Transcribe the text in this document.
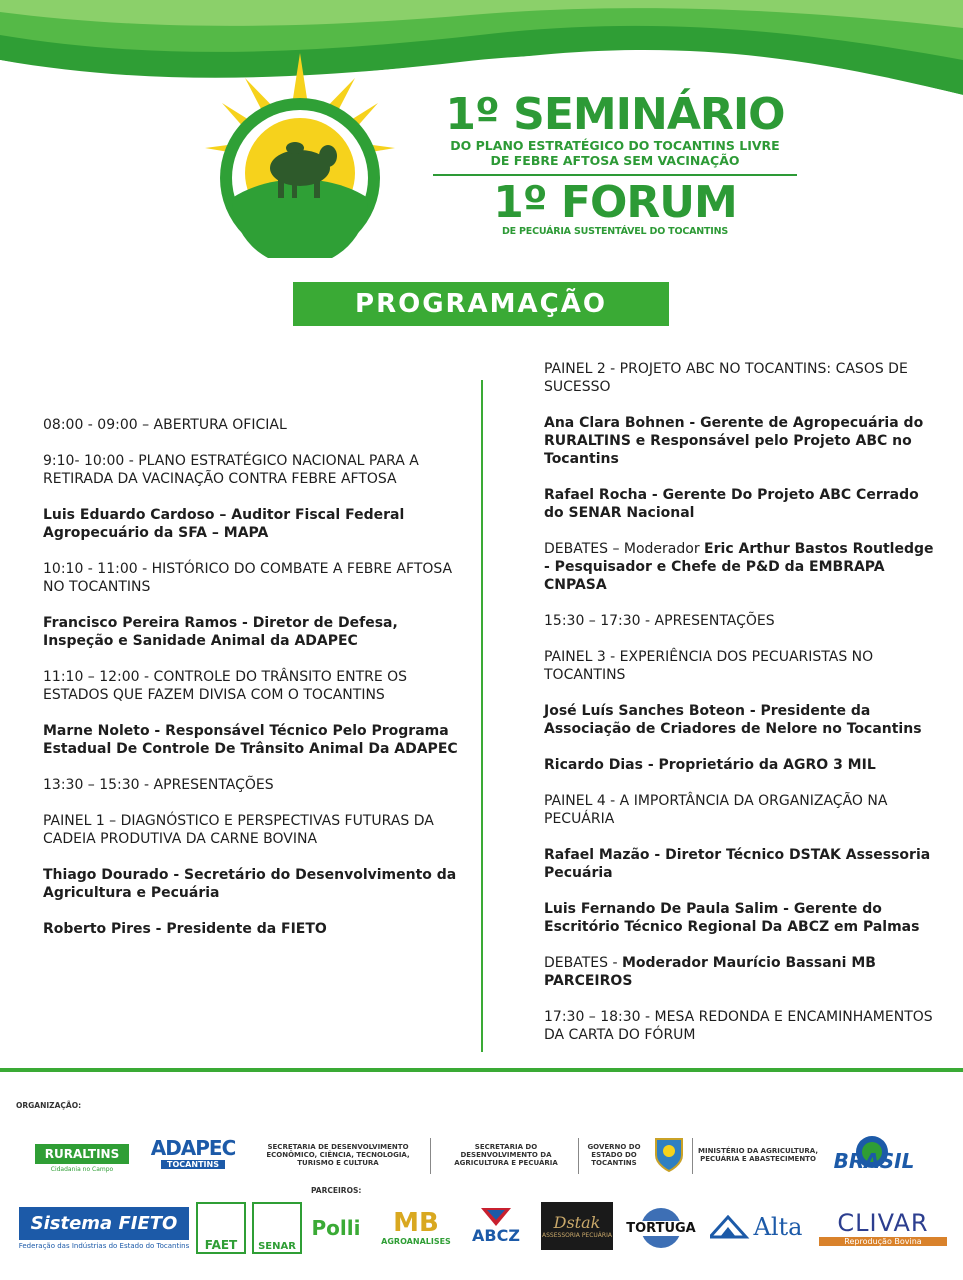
1º SEMINÁRIO
DO PLANO ESTRATÉGICO DO TOCANTINS LIVRE
DE FEBRE AFTOSA SEM VACINAÇÃO
1º FORUM
DE PECUÁRIA SUSTENTÁVEL DO TOCANTINS
PROGRAMAÇÃO
08:00 - 09:00 – ABERTURA OFICIAL
9:10- 10:00 - PLANO ESTRATÉGICO NACIONAL PARA A RETIRADA DA VACINAÇÃO CONTRA FEBRE AFTOSA
Luis Eduardo Cardoso – Auditor Fiscal Federal Agropecuário da SFA – MAPA
10:10 - 11:00 - HISTÓRICO DO COMBATE A FEBRE AFTOSA NO TOCANTINS
Francisco Pereira Ramos - Diretor de Defesa, Inspeção e Sanidade Animal da ADAPEC
11:10 – 12:00 - CONTROLE DO TRÂNSITO ENTRE OS ESTADOS QUE FAZEM DIVISA COM O TOCANTINS
Marne Noleto - Responsável Técnico Pelo Programa Estadual De Controle De Trânsito Animal Da ADAPEC
13:30 – 15:30 - APRESENTAÇÕES
PAINEL 1 – DIAGNÓSTICO E PERSPECTIVAS FUTURAS DA CADEIA PRODUTIVA DA CARNE BOVINA
Thiago Dourado - Secretário do Desenvolvimento da Agricultura e Pecuária
Roberto Pires - Presidente da FIETO
PAINEL 2 - PROJETO ABC NO TOCANTINS: CASOS DE SUCESSO
Ana Clara Bohnen - Gerente de Agropecuária do RURALTINS e Responsável pelo Projeto ABC no Tocantins
Rafael Rocha - Gerente Do Projeto ABC Cerrado do SENAR Nacional
DEBATES – Moderador Eric Arthur Bastos Routledge - Pesquisador e Chefe de P&D da EMBRAPA CNPASA
15:30 – 17:30 - APRESENTAÇÕES
PAINEL 3 - EXPERIÊNCIA DOS PECUARISTAS NO TOCANTINS
José Luís Sanches Boteon - Presidente da Associação de Criadores de Nelore no Tocantins
Ricardo Dias - Proprietário da AGRO 3 MIL
PAINEL 4 - A IMPORTÂNCIA DA ORGANIZAÇÃO NA PECUÁRIA
Rafael Mazão - Diretor Técnico DSTAK Assessoria Pecuária
Luis Fernando De Paula Salim - Gerente do Escritório Técnico Regional Da ABCZ em Palmas
DEBATES - Moderador Maurício Bassani MB PARCEIROS
17:30 – 18:30 - MESA REDONDA E ENCAMINHAMENTOS DA CARTA DO FÓRUM
ORGANIZAÇÃO:
RURALTINS
Cidadania no Campo
ADAPEC
TOCANTINS
SECRETARIA DE DESENVOLVIMENTO ECONÔMICO, CIÊNCIA, TECNOLOGIA, TURISMO E CULTURA
SECRETARIA DO DESENVOLVIMENTO DA AGRICULTURA E PECUÁRIA
GOVERNO DO ESTADO DO TOCANTINS
MINISTÉRIO DA AGRICULTURA, PECUÁRIA E ABASTECIMENTO BRASIL
PARCEIROS:
Sistema FIETO
Federação das Indústrias do Estado do Tocantins	FAET	SENAR
Polli MB
AGROANALISES ABCZ
Dstak
ASSESSORIA PECUÁRIA TORTUGA Alta CLIVAR
Reprodução Bovina
